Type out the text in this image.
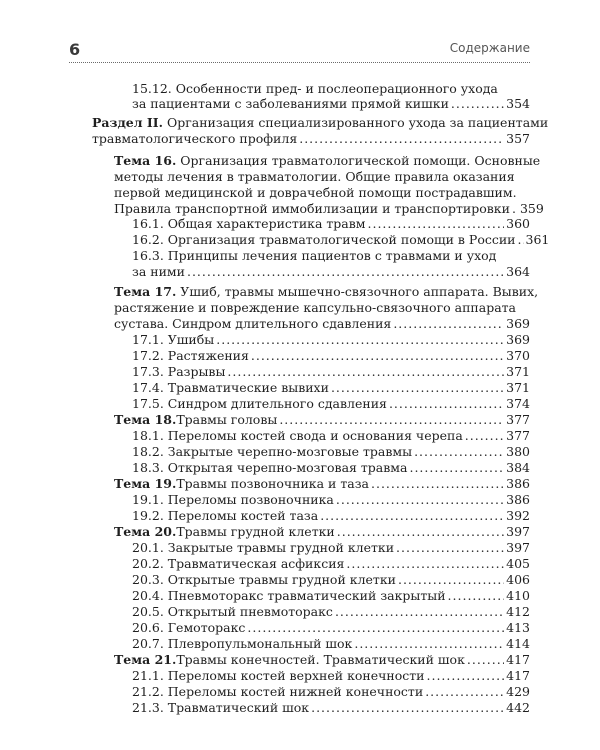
6	Содержание
15.12. Особенности пред- и послеоперационного ухода
за пациентами с заболеваниями прямой кишки .....	354
Раздел II. Организация специализированного ухода за пациентами
травматологического профиля .....	357
Тема 16. Организация травматологической помощи. Основные
методы лечения в травматологии. Общие правила оказания
первой медицинской и доврачебной помощи пострадавшим.
Правила транспортной иммобилизации и транспортировки ..... 359
16.1. Общая характеристика травм .....	360
16.2. Организация травматологической помощи в России ..... 361
16.3. Принципы лечения пациентов с травмами и уход
за ними .....	364
Тема 17. Ушиб, травмы мышечно-связочного аппарата. Вывих,
растяжение и повреждение капсульно-связочного аппарата
сустава. Синдром длительного сдавления .....	369
17.1. Ушибы .....	369
17.2. Растяжения .....	370
17.3. Разрывы .....	371
17.4. Травматические вывихи .....	371
17.5. Синдром длительного сдавления .....	374
Тема 18. Травмы головы .....	377
18.1. Переломы костей свода и основания черепа .....	377
18.2. Закрытые черепно-мозговые травмы .....	380
18.3. Открытая черепно-мозговая травма .....	384
Тема 19. Травмы позвоночника и таза .....	386
19.1. Переломы позвоночника .....	386
19.2. Переломы костей таза .....	392
Тема 20. Травмы грудной клетки .....	397
20.1. Закрытые травмы грудной клетки .....	397
20.2. Травматическая асфиксия .....	405
20.3. Открытые травмы грудной клетки .....	406
20.4. Пневмоторакс травматический закрытый .....	410
20.5. Открытый пневмоторакс .....	412
20.6. Гемоторакс .....	413
20.7. Плевропульмональный шок .....	414
Тема 21. Травмы конечностей. Травматический шок .....	417
21.1. Переломы костей верхней конечности .....	417
21.2. Переломы костей нижней конечности .....	429
21.3. Травматический шок .....	442
